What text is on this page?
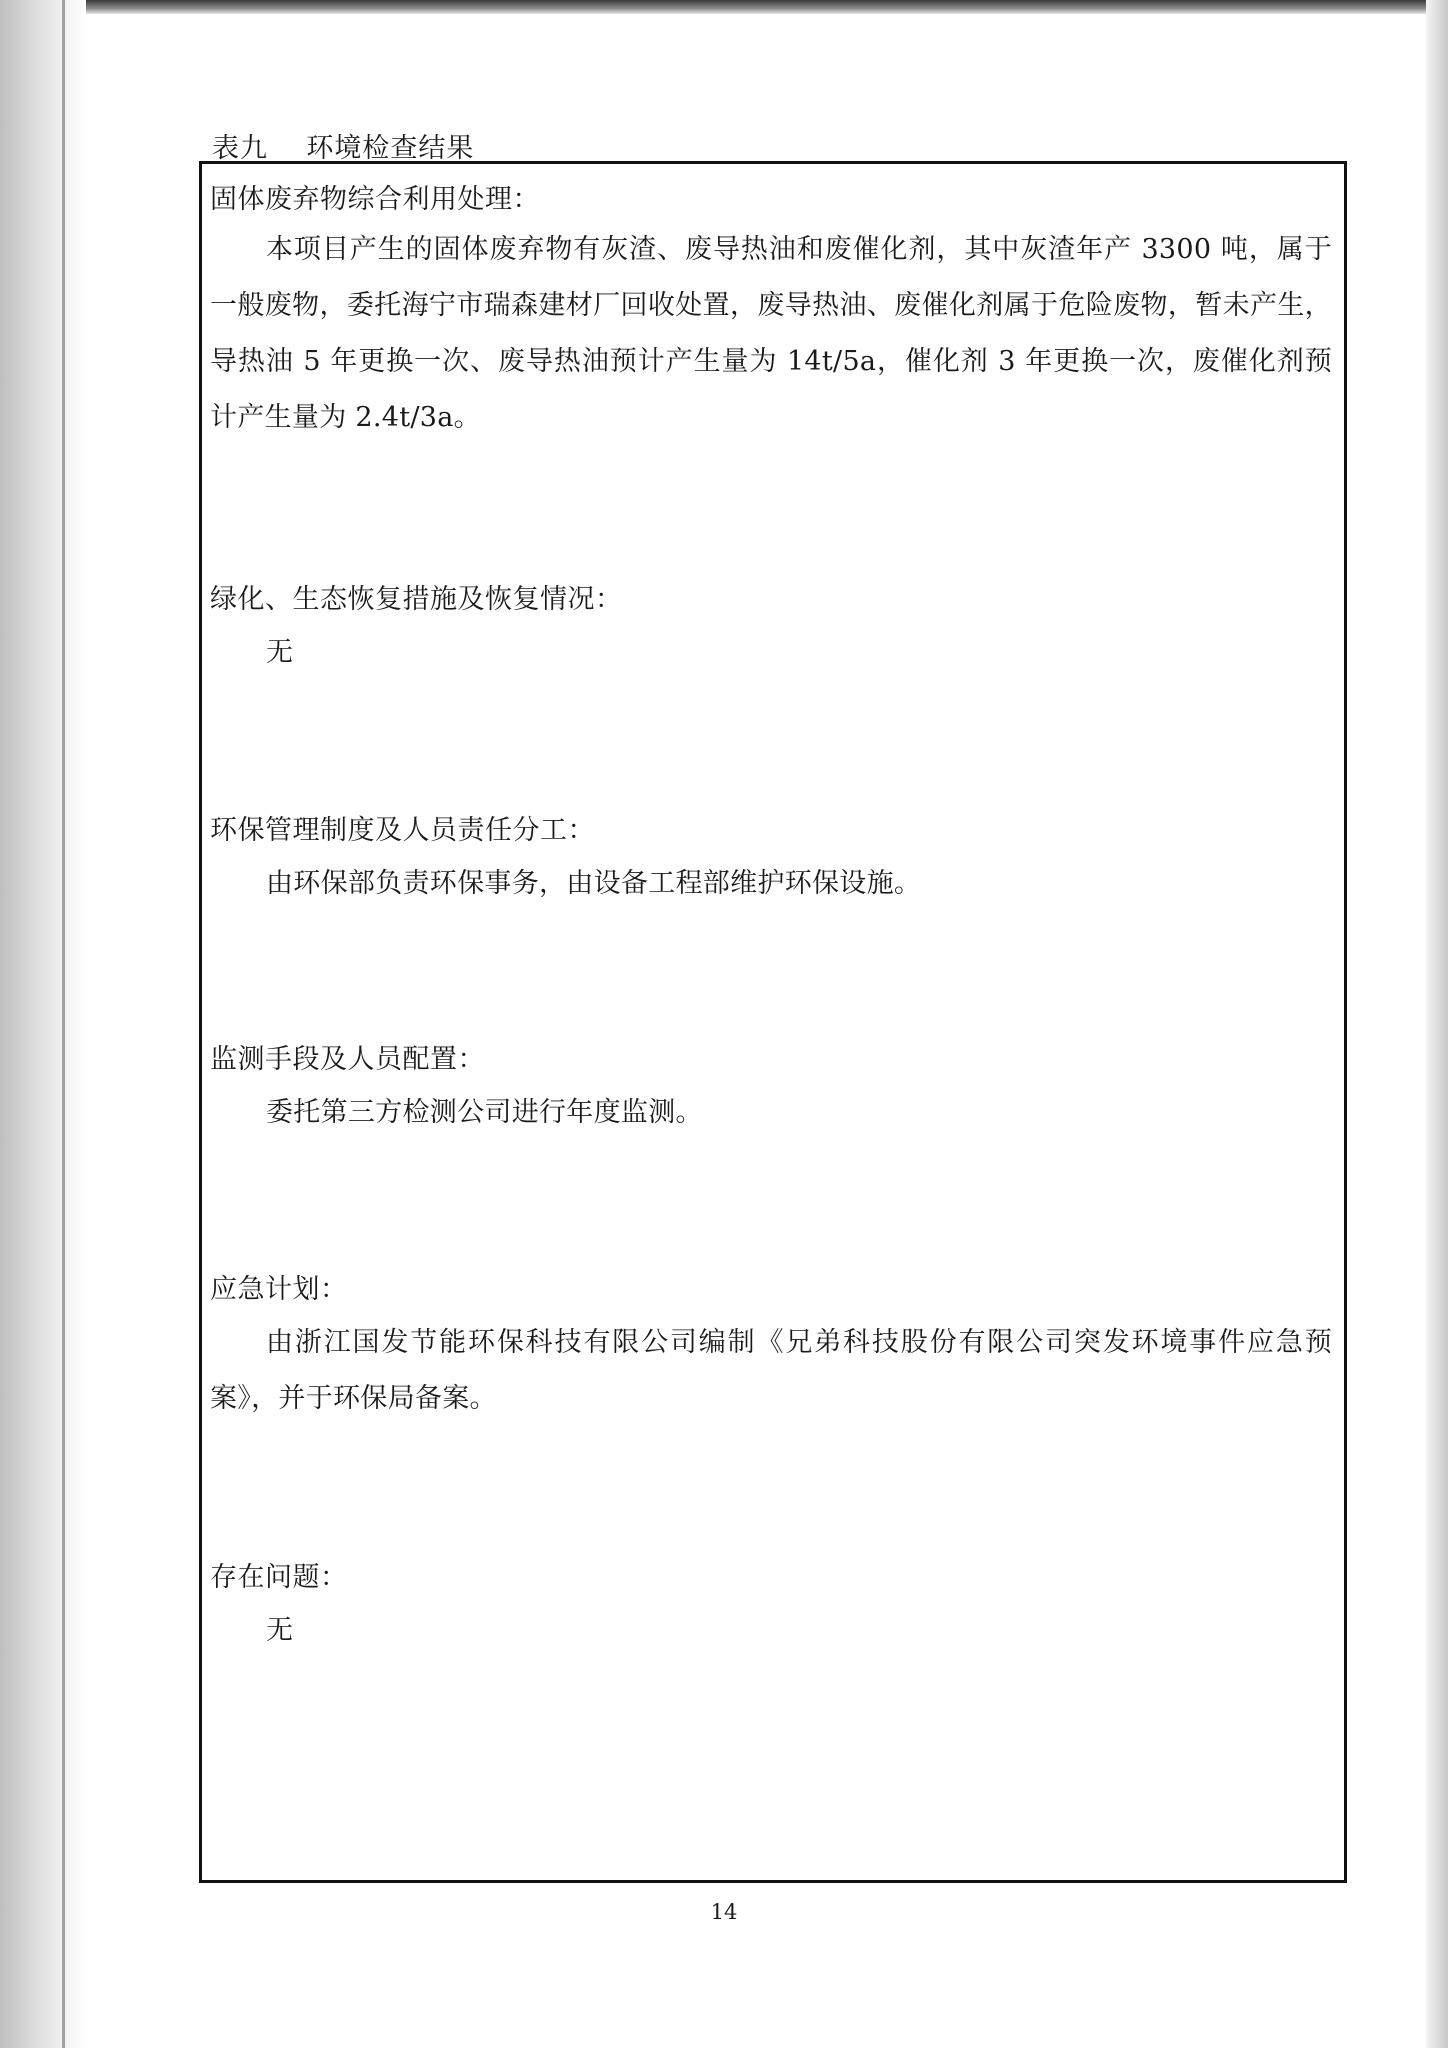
表九 环境检查结果
固体废弃物综合利用处理：
本项目产生的固体废弃物有灰渣、废导热油和废催化剂，其中灰渣年产 3300 吨，属于一般废物，委托海宁市瑞森建材厂回收处置，废导热油、废催化剂属于危险废物，暂未产生，导热油 5 年更换一次、废导热油预计产生量为 14t/5a，催化剂 3 年更换一次，废催化剂预计产生量为 2.4t/3a。
绿化、生态恢复措施及恢复情况：
无
环保管理制度及人员责任分工：
由环保部负责环保事务，由设备工程部维护环保设施。
监测手段及人员配置：
委托第三方检测公司进行年度监测。
应急计划：
由浙江国发节能环保科技有限公司编制《兄弟科技股份有限公司突发环境事件应急预案》，并于环保局备案。
存在问题：
无
14
